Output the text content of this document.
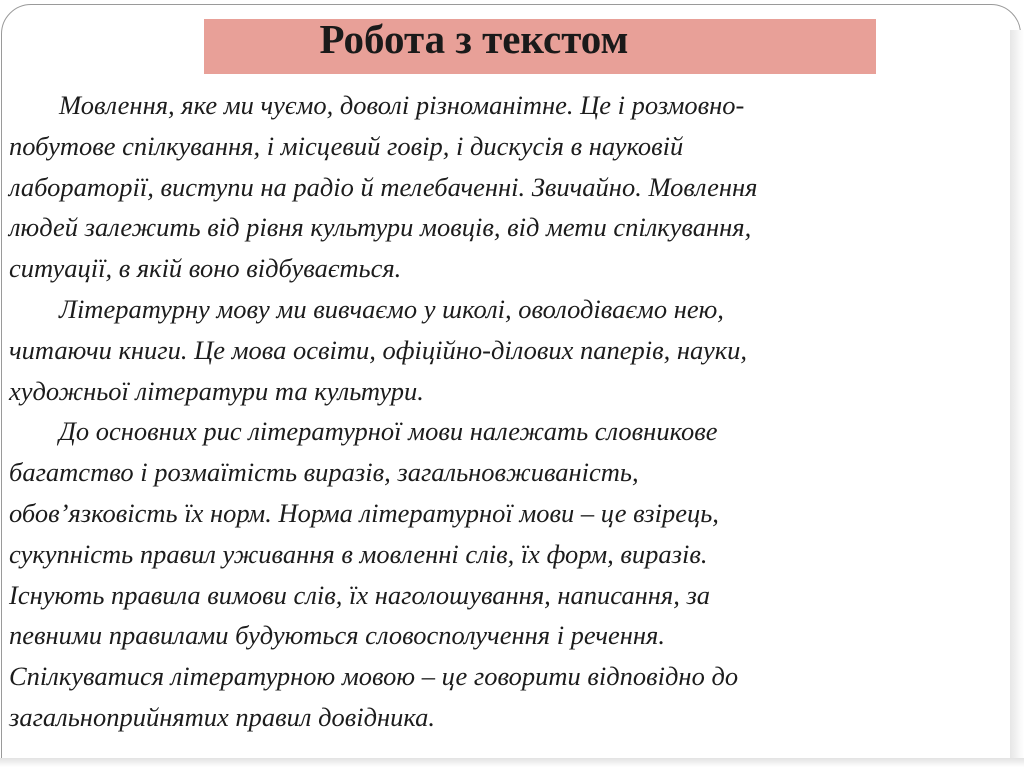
Робота з текстом
Мовлення, яке ми чуємо, доволі різноманітне. Це і розмовно-
побутове спілкування, і місцевий говір, і дискусія в науковій
лабораторії, виступи на радіо й телебаченні. Звичайно. Мовлення
людей залежить від рівня культури мовців, від мети спілкування,
ситуації, в якій воно відбувається.
Літературну мову ми вивчаємо у школі, оволодіваємо нею,
читаючи книги. Це мова освіти, офіційно-ділових паперів, науки,
художньої літератури та культури.
До основних рис літературної мови належать словникове
багатство і розмаїтість виразів, загальновживаність,
обов’язковість їх норм. Норма літературної мови – це взірець,
сукупність правил уживання в мовленні слів, їх форм, виразів.
Існують правила вимови слів, їх наголошування, написання, за
певними правилами будуються словосполучення і речення.
Спілкуватися літературною мовою – це говорити відповідно до
загальноприйнятих правил довідника.
